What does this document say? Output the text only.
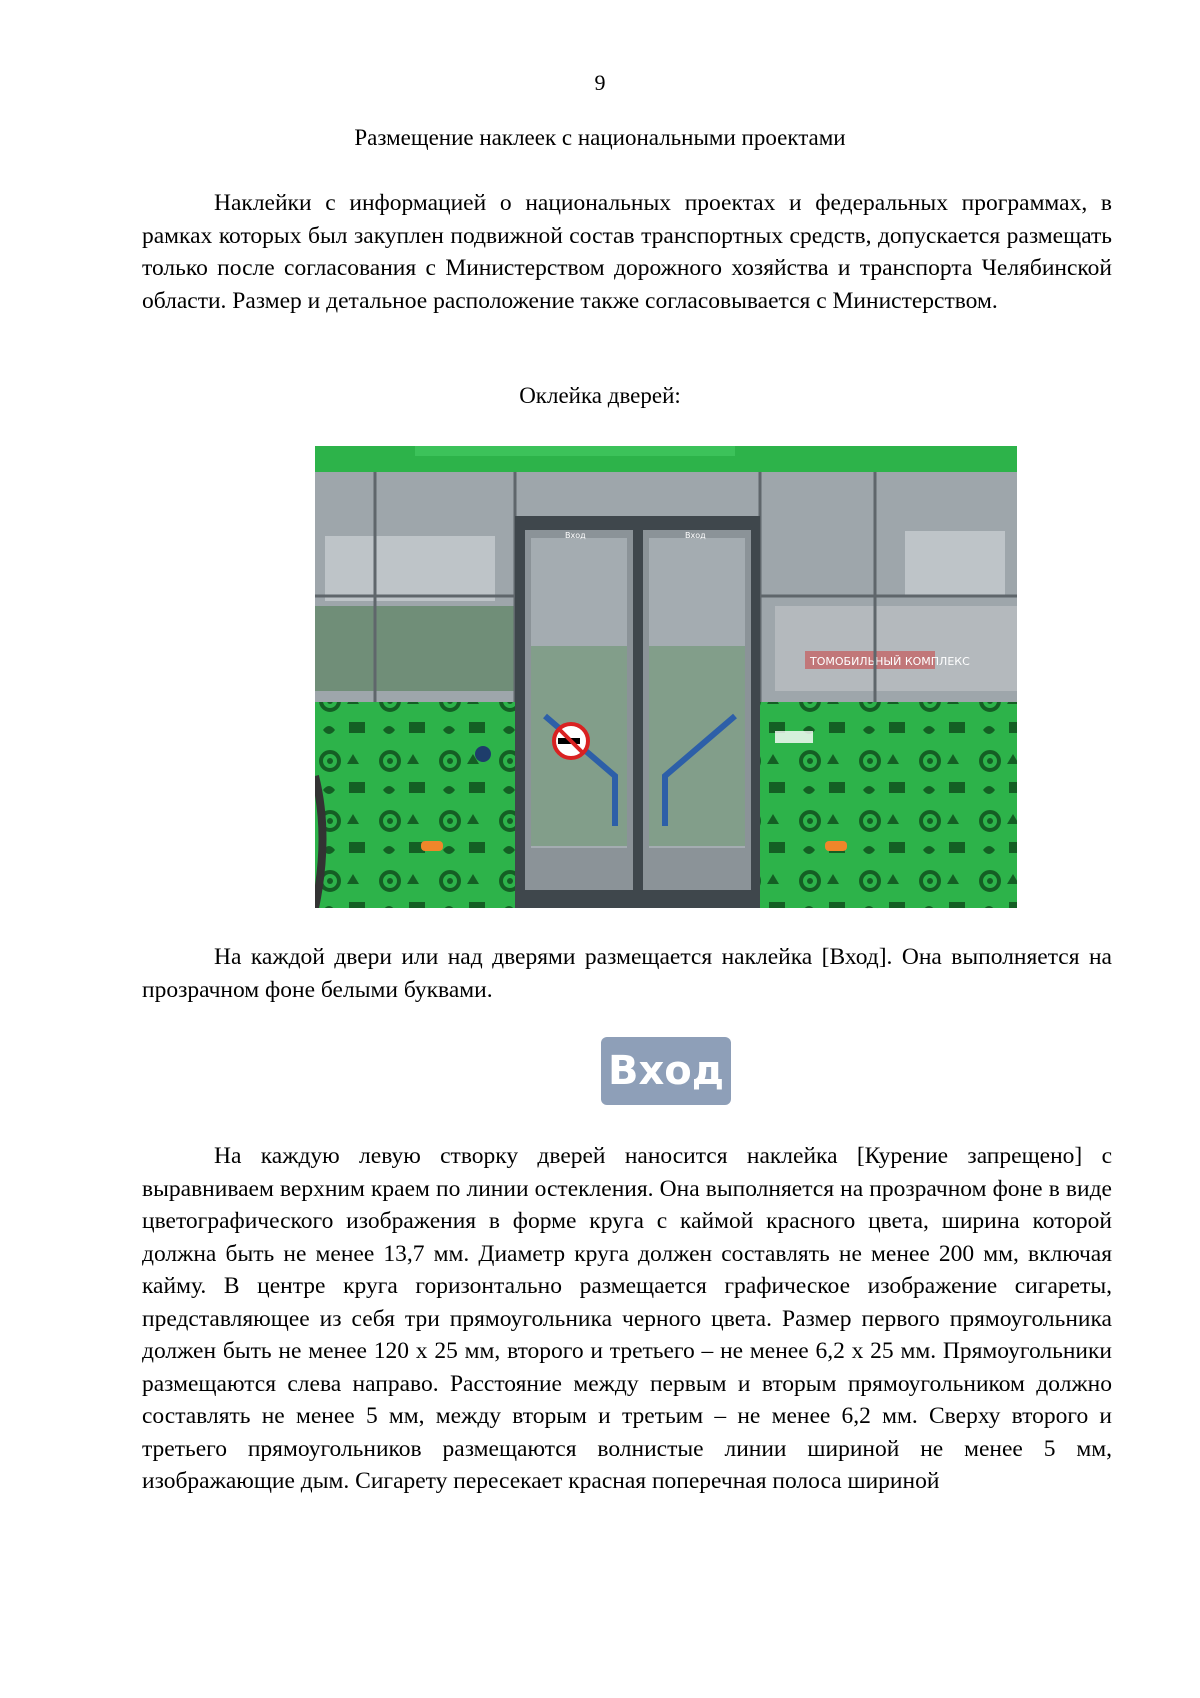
9
Размещение наклеек с национальными проектами

Наклейки с информацией о национальных проектах и федеральных программах, в рамках которых был закуплен подвижной состав транспортных средств, допускается размещать только после согласования с Министерством дорожного хозяйства и транспорта Челябинской области. Размер и детальное расположение также согласовывается с Министерством.

Оклейка дверей:
ТОМОБИЛЬНЫЙ КОМПЛЕКС
Вход	Вход

На каждой двери или над дверями размещается наклейка [Вход]. Она выполняется на прозрачном фоне белыми буквами.

Вход

На каждую левую створку дверей наносится наклейка [Курение запрещено] с выравниваем верхним краем по линии остекления. Она выполняется на прозрачном фоне в виде цветографического изображения в форме круга с каймой красного цвета, ширина которой должна быть не менее 13,7 мм. Диаметр круга должен составлять не менее 200 мм, включая кайму. В центре круга горизонтально размещается графическое изображение сигареты, представляющее из себя три прямоугольника черного цвета. Размер первого прямоугольника должен быть не менее 120 х 25 мм, второго и третьего – не менее 6,2 х 25 мм. Прямоугольники размещаются слева направо. Расстояние между первым и вторым прямоугольником должно составлять не менее 5 мм, между вторым и третьим – не менее 6,2 мм. Сверху второго и третьего прямоугольников размещаются волнистые линии шириной не менее 5 мм, изображающие дым. Сигарету пересекает красная поперечная полоса шириной
